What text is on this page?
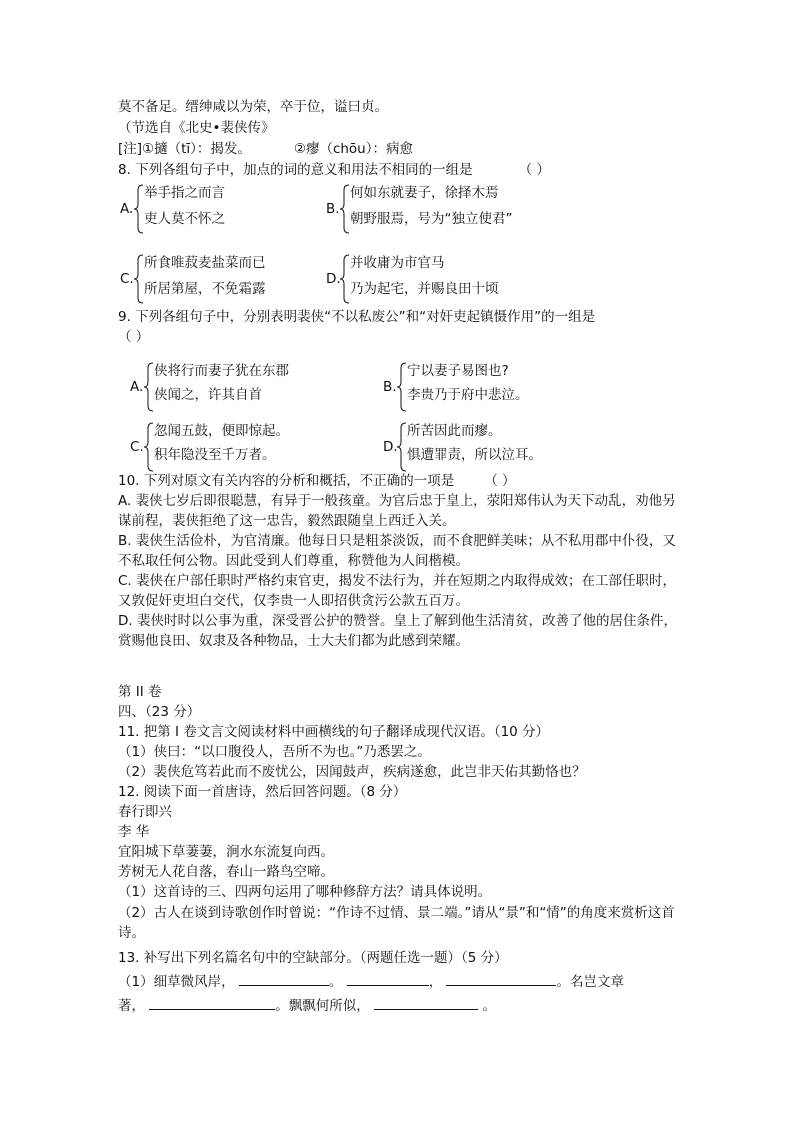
莫不备足。缙绅咸以为荣，卒于位，谥曰贞。
（节选自《北史•裴侠传》
[注]①擿（tī）：揭发。          ②瘳（chōu）：病愈
8. 下列各组句子中，加点的词的意义和用法不相同的一组是	（ ）
A.
举手指之而言
吏人莫不怀之
B.
何如东就妻子，徐择木焉
朝野服焉，号为“独立使君”
C.
所食唯菽麦盐菜而已
所居第屋，不免霜露
D.
并收庸为市官马
乃为起宅，并赐良田十顷
9. 下列各组句子中，分别表明裴侠“不以私废公”和“对奸吏起镇慑作用”的一组是
（ ）
A.
侠将行而妻子犹在东郡
侠闻之，许其自首	B.
宁以妻子易图也?
李贵乃于府中悲泣。
C.
忽闻五鼓，便即惊起。
积年隐没至千万者。	D.
所苦因此而瘳。
惧遭罪责，所以泣耳。
10. 下列对原文有关内容的分析和概括，不正确的一项是 （ ）
A. 裴侠七岁后即很聪慧，有异于一般孩童。为官后忠于皇上，荥阳郑伟认为天下动乱，劝他另谋前程，裴侠拒绝了这一忠告，毅然跟随皇上西迁入关。
B. 裴侠生活俭朴，为官清廉。他每日只是粗茶淡饭，而不食肥鲜美味；从不私用郡中仆役，又不私取任何公物。因此受到人们尊重，称赞他为人间楷模。
C. 裴侠在户部任职时严格约束官吏，揭发不法行为，并在短期之内取得成效；在工部任职时，又敦促奸吏坦白交代，仅李贵一人即招供贪污公款五百万。
D. 裴侠时时以公事为重，深受晋公护的赞誉。皇上了解到他生活清贫，改善了他的居住条件，赏赐他良田、奴隶及各种物品，士大夫们都为此感到荣耀。
第 II 卷
四、（23 分）
11. 把第 I 卷文言文阅读材料中画横线的句子翻译成现代汉语。（10 分）
（1）侠曰：“以口腹役人，吾所不为也。”乃悉罢之。
（2）裴侠危笃若此而不废忧公，因闻鼓声，疾病遂愈，此岂非天佑其勤恪也？
12. 阅读下面一首唐诗，然后回答问题。（8 分）
春行即兴
李 华
宜阳城下草萋萋，涧水东流复向西。
芳树无人花自落，春山一路鸟空啼。
（1）这首诗的三、四两句运用了哪种修辞方法？请具体说明。
（2）古人在谈到诗歌创作时曾说：“作诗不过情、景二端。”请从“景”和“情”的角度来赏析这首诗。
13. 补写出下列名篇名句中的空缺部分。（两题任选一题）（5 分）
（1）细草微风岸，	。	，	。名岂文章
著，	。飘飘何所似，	。
